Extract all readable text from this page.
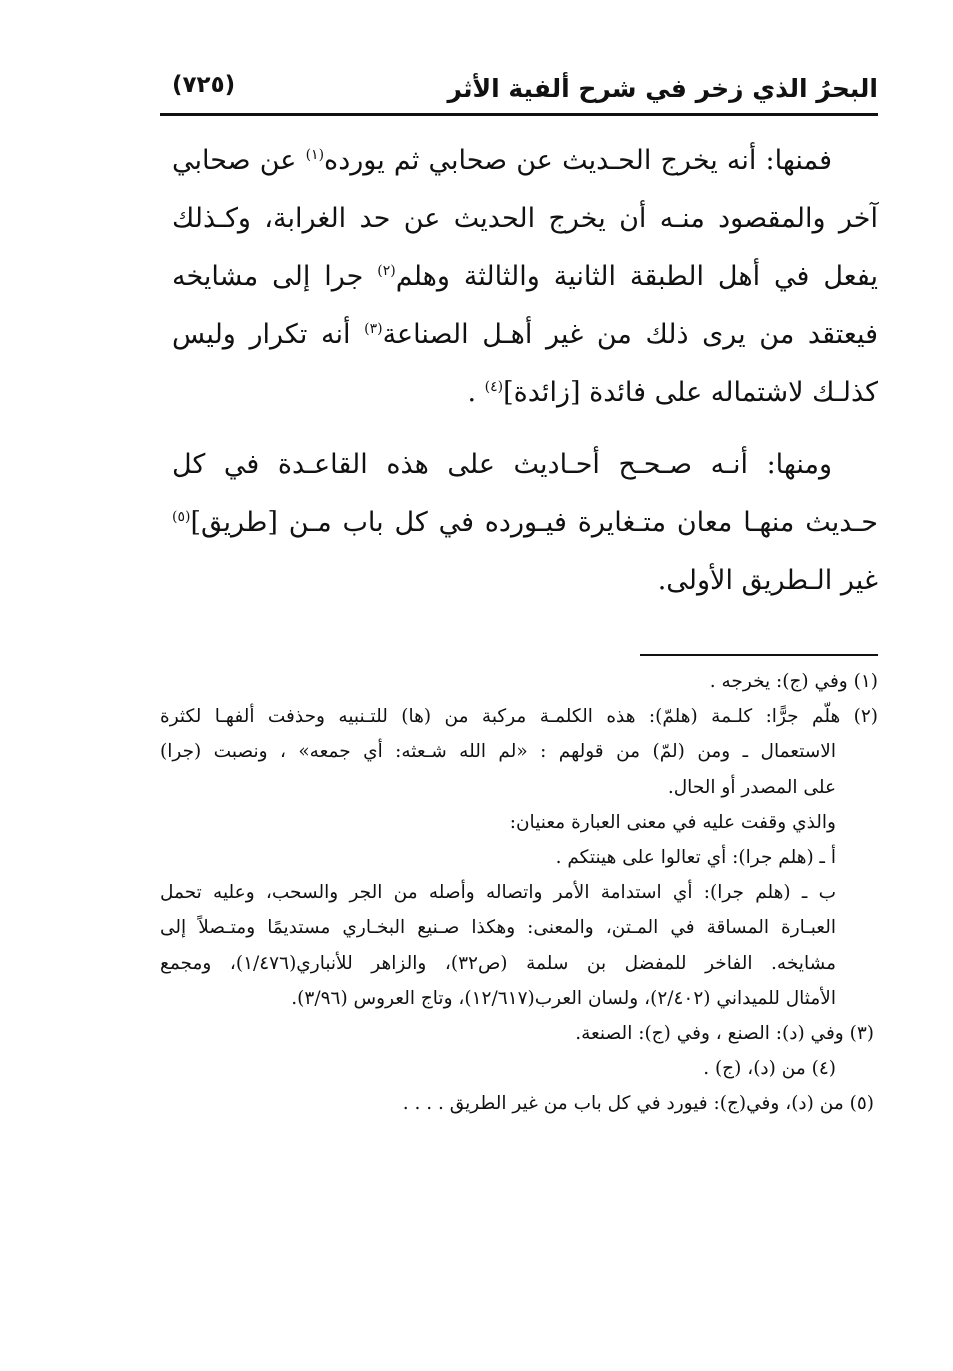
البحرُ الذي زخر في شرح ألفية الأثر
(٧٢٥)

فمنها: أنه يخرج الحـديث عن صحابي ثم يورده$^{(١)}$ عن صحابي آخر والمقصود منـه أن يخرج الحديث عن حد الغرابة، وكـذلك يفعل في أهل الطبقة الثانية والثالثة وهلم$^{(٢)}$ جرا إلى مشايخه فيعتقد من يرى ذلك من غير أهـل الصناعة$^{(٣)}$ أنه تكرار وليس كذلـك لاشتماله على فائدة [زائدة]$^{(٤)}$ .

ومنها: أنـه صـحـح أحـاديث على هذه القاعـدة في كل حـديث منهـا معان متـغايرة فيـورده في كل باب مـن [طريق]$^{(٥)}$ غير الـطريق الأولى.

(١) وفي (ج): يخرجه .
(٢) هلّم جرًّا: كلـمة (هلمّ): هذه الكلمـة مركبة من (ها) للتـنبيه وحذفت ألفهـا لكثرة
الاستعمال ـ ومن (لمّ) من قولهم : «لم الله شـعثه: أي جمعه» ، ونصبت (جرا)
على المصدر أو الحال.
والذي وقفت عليه في معنى العبارة معنيان:
أ ـ (هلم جرا): أي تعالوا على هينتكم .
ب ـ (هلم جرا): أي استدامة الأمر واتصاله وأصله من الجر والسحب، وعليه تحمل
العبـارة المساقة في المـتن، والمعنى: وهكذا صـنيع البخـاري مستديمًا ومتـصلاً إلى
مشايخه. الفاخر للمفضل بن سلمة (ص٣٢)، والزاهر للأنباري(١/٤٧٦)، ومجمع
الأمثال للميداني (٢/٤٠٢)، ولسان العرب(١٢/٦١٧)، وتاج العروس (٣/٩٦).
(٣) وفي (د): الصنع ، وفي (ج): الصنعة.
(٤) من (د)، (ج) .
(٥) من (د)، وفي(ج): فيورد في كل باب من غير الطريق . . . .
